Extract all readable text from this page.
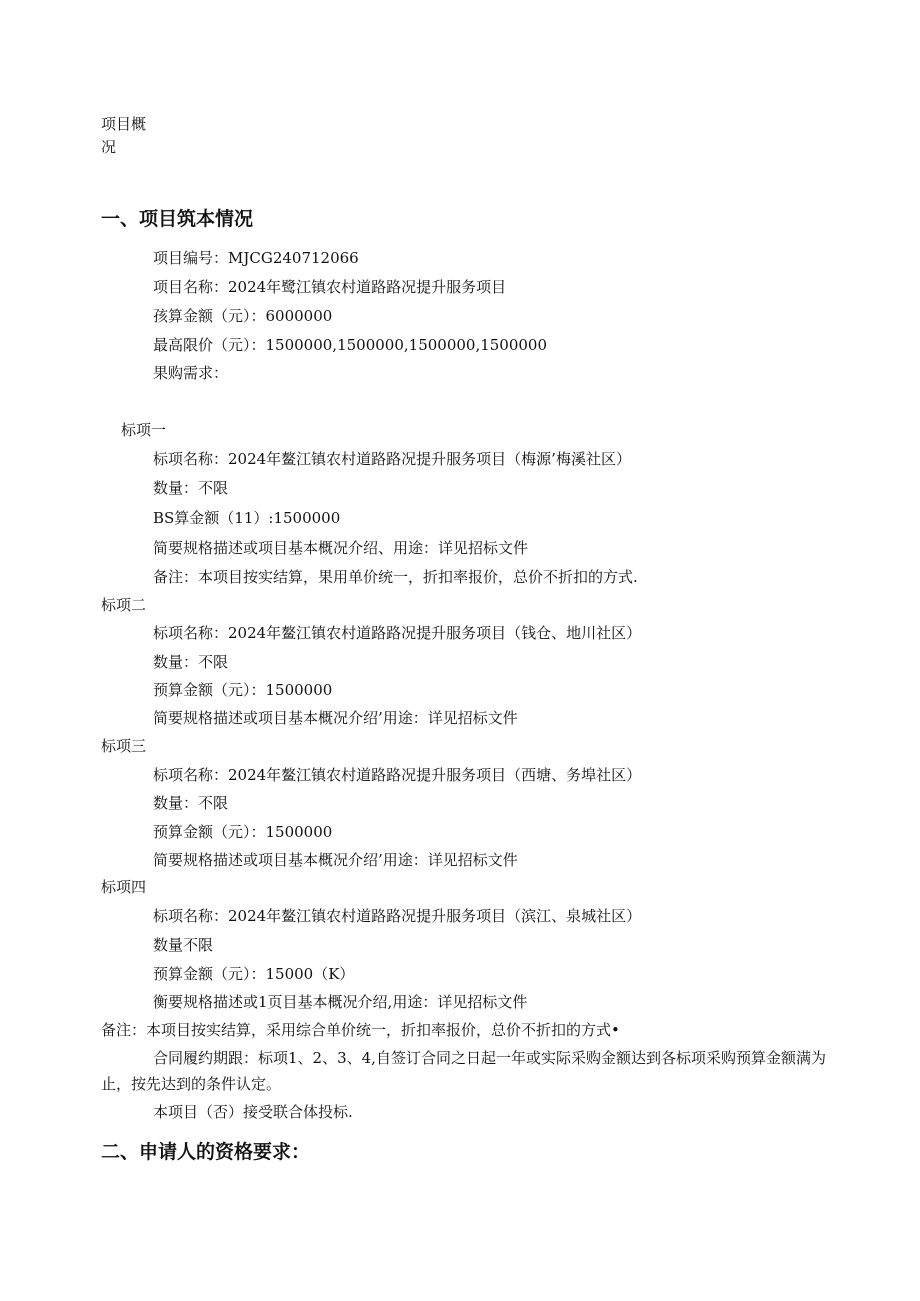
项目概
况
一、项目筑本情况
项目编号：MJCG240712066
项目名称：2024年鹭江镇农村道路路况提升服务项目
孩算金额（元）：6000000
最高限价（元）：1500000,1500000,1500000,1500000
果购需求：
标项一
标项名称：2024年鳌江镇农村道路路况提升服务项目（梅源’梅溪社区）
数量：不限
BS算金额（11）:1500000
简要规格描述或项目基本概况介绍、用途：详见招标文件
备注：本项目按实结算，果用单价统一，折扣率报价，总价不折扣的方式.
标项二
标项名称：2024年鳌江镇农村道路路况提升服务项目（钱仓、地川社区）
数量：不限
预算金额（元）：1500000
简要规格描述或项目基本概况介绍’用途：详见招标文件
标项三
标项名称：2024年鳌江镇农村道路路况提升服务项目（西塘、务埠社区）
数量：不限
预算金额（元）：1500000
简要规格描述或项目基本概况介绍’用途：详见招标文件
标项四
标项名称：2024年鳌江镇农村道路路况提升服务项目（滨江、泉城社区）
数量不限
预算金额（元）：15000（K）
衡要规格描述或1页目基本概况介绍,用途：详见招标文件
备注：本项目按实结算，采用综合单价统一，折扣率报价，总价不折扣的方式•
合同履约期跟：标项1、2、3、4,自签订合同之日起一年或实际采购金额达到各标项采购预算金额满为止，按先达到的条件认定。
本项目（否）接受联合体投标.
二、申请人的资格要求：
